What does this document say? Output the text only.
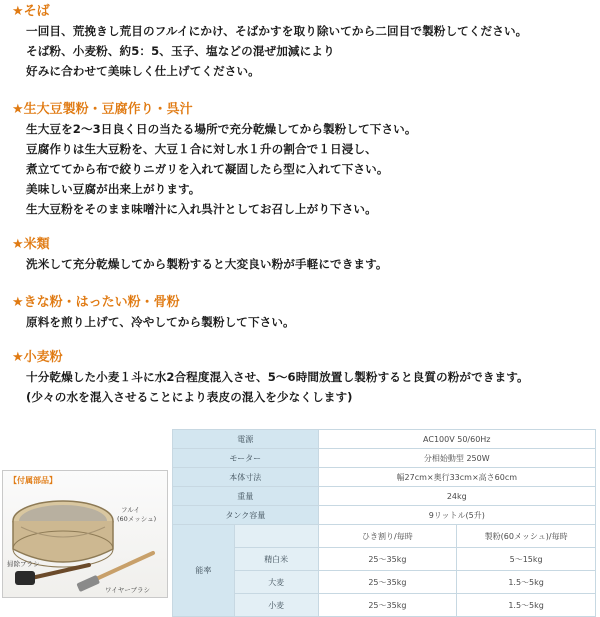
★そば
一回目、荒挽きし荒目のフルイにかけ、そばかすを取り除いてから二回目で製粉してください。
そば粉、小麦粉、約5：5、玉子、塩などの混ぜ加減により
好みに合わせて美味しく仕上げてください。
★生大豆製粉・豆腐作り・呉汁
生大豆を2～3日良く日の当たる場所で充分乾燥してから製粉して下さい。
豆腐作りは生大豆粉を、大豆１合に対し水１升の割合で１日浸し、
煮立ててから布で絞りニガリを入れて凝固したら型に入れて下さい。
美味しい豆腐が出来上がります。
生大豆粉をそのまま味噌汁に入れ呉汁としてお召し上がり下さい。
★米類
洗米して充分乾燥してから製粉すると大変良い粉が手軽にできます。
★きな粉・はったい粉・骨粉
原料を煎り上げて、冷やしてから製粉して下さい。
★小麦粉
十分乾燥した小麦１斗に水2合程度混入させ、5～6時間放置し製粉すると良質の粉ができます。
(少々の水を混入させることにより表皮の混入を少なくします)
【付属部品】
フルイ
(60メッシュ)
掃除ブラシ
ワイヤーブラシ
電源		AC100V 50/60Hz	
モーター		分相始動型 250W	
本体寸法		幅27cm×奥行33cm×高さ60cm	
重量		24kg	
タンク容量		9リットル(5升)	
能率		ひき割り/毎時	製粉(60メッシュ)/毎時
	精白米	25～35kg	5～15kg
	大麦	25～35kg	1.5～5kg
	小麦	25～35kg	1.5～5kg
